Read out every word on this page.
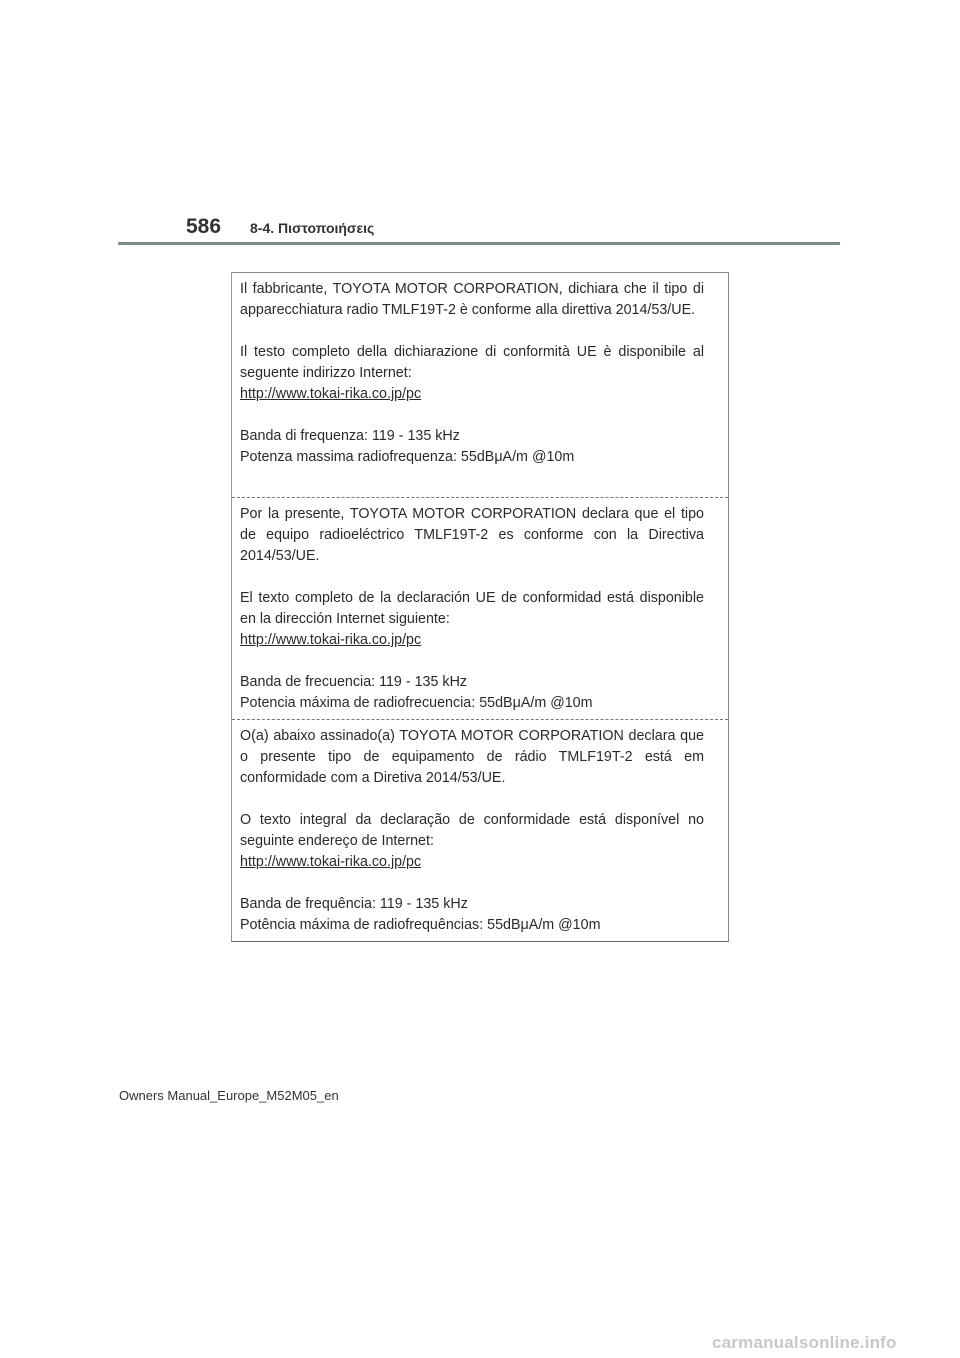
586 8-4. Πιστοποιήσεις

Il fabbricante, TOYOTA MOTOR CORPORATION, dichiara che il tipo di apparecchiatura radio TMLF19T-2 è conforme alla direttiva 2014/53/UE.

Il testo completo della dichiarazione di conformità UE è disponibile al seguente indirizzo Internet:

http://www.tokai-rika.co.jp/pc

Banda di frequenza: 119 - 135 kHz

Potenza massima radiofrequenza: 55dBμA/m @10m

Por la presente, TOYOTA MOTOR CORPORATION declara que el tipo de equipo radioeléctrico TMLF19T-2 es conforme con la Directiva 2014/53/UE.

El texto completo de la declaración UE de conformidad está disponible en la dirección Internet siguiente:

http://www.tokai-rika.co.jp/pc

Banda de frecuencia: 119 - 135 kHz

Potencia máxima de radiofrecuencia: 55dBμA/m @10m

O(a) abaixo assinado(a) TOYOTA MOTOR CORPORATION declara que o presente tipo de equipamento de rádio TMLF19T-2 está em conformidade com a Diretiva 2014/53/UE.

O texto integral da declaração de conformidade está disponível no seguinte endereço de Internet:

http://www.tokai-rika.co.jp/pc

Banda de frequência: 119 - 135 kHz

Potência máxima de radiofrequências: 55dBμA/m @10m

Owners Manual_Europe_M52M05_en
carmanualsonline.info
